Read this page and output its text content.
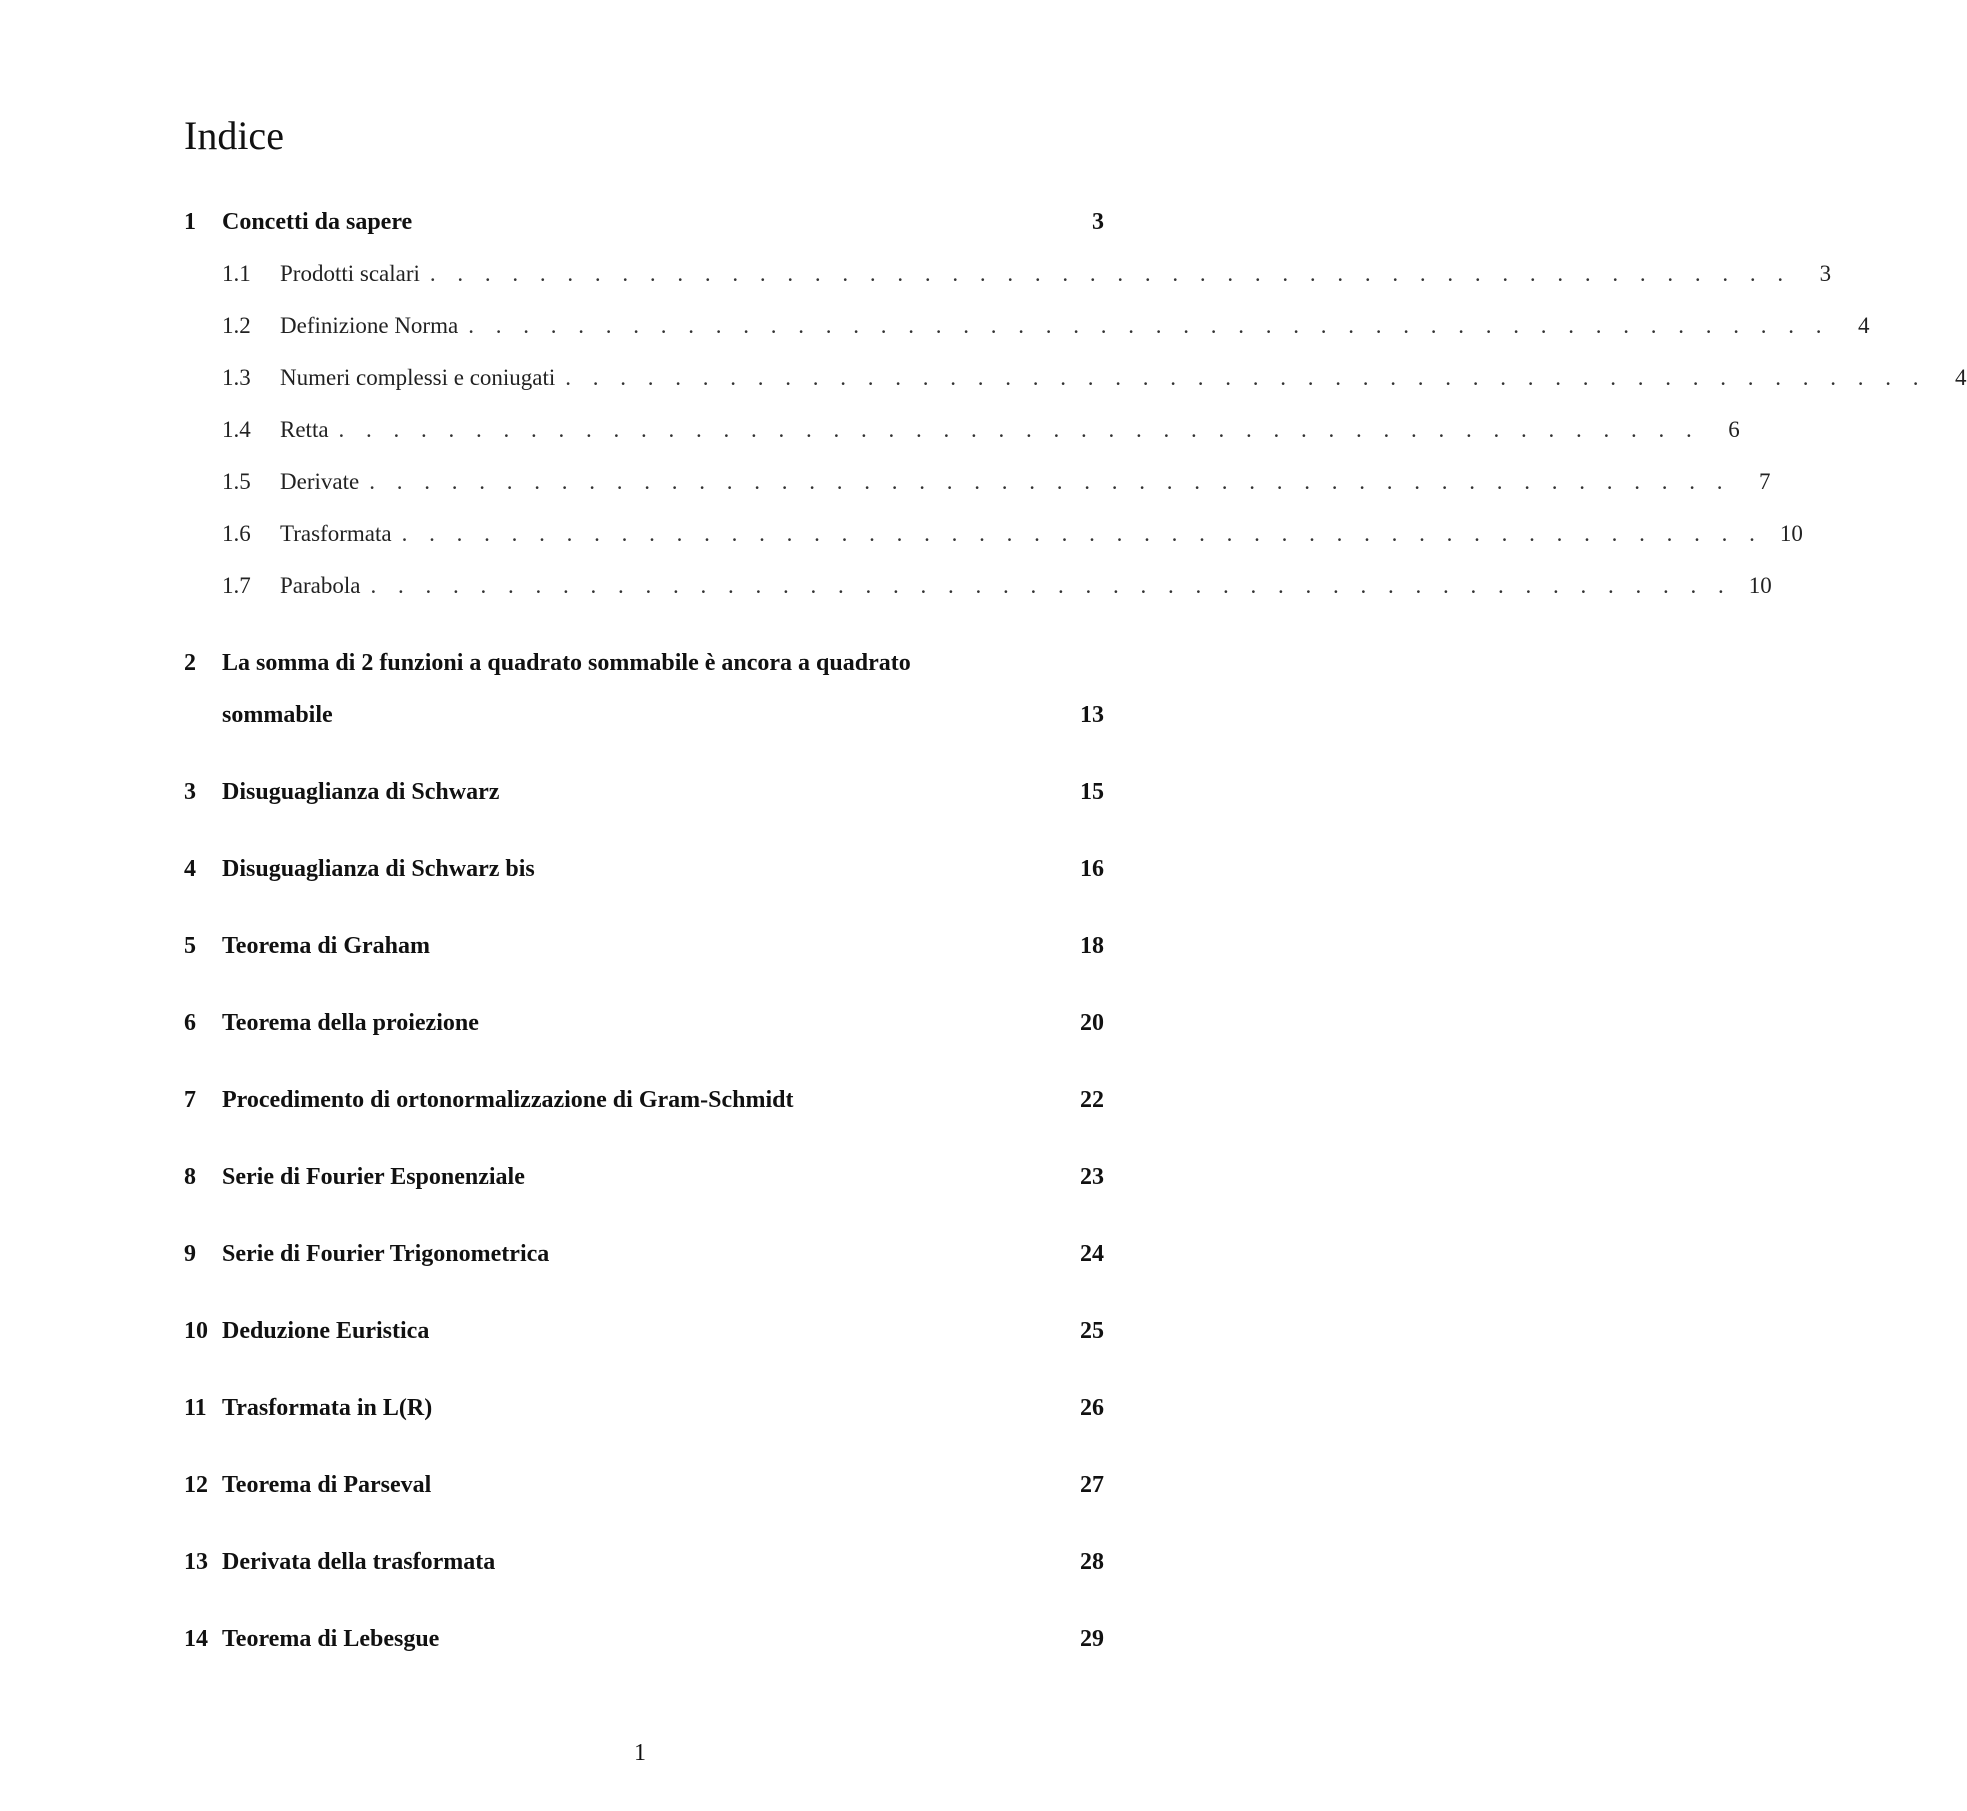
Indice
1	Concetti da sapere	3
1.1	Prodotti scalari . . . . . . . . . . . . . . . . . . . . . . . . . . . . . . . . . . . . . . . . . . . . . . . . . .	3
1.2	Definizione Norma . . . . . . . . . . . . . . . . . . . . . . . . . . . . . . . . . . . . . . . . . . . . . . . . . .	4
1.3	Numeri complessi e coniugati . . . . . . . . . . . . . . . . . . . . . . . . . . . . . . . . . . . . . . . . . . . . . . . . . .	4
1.4	Retta . . . . . . . . . . . . . . . . . . . . . . . . . . . . . . . . . . . . . . . . . . . . . . . . . .	6
1.5	Derivate . . . . . . . . . . . . . . . . . . . . . . . . . . . . . . . . . . . . . . . . . . . . . . . . . .	7
1.6	Trasformata . . . . . . . . . . . . . . . . . . . . . . . . . . . . . . . . . . . . . . . . . . . . . . . . . . 10
1.7	Parabola . . . . . . . . . . . . . . . . . . . . . . . . . . . . . . . . . . . . . . . . . . . . . . . . . . 10
2	La somma di 2 funzioni a quadrato sommabile è ancora a quadrato
sommabile	13
3	Disuguaglianza di Schwarz	15
4	Disuguaglianza di Schwarz bis	16
5	Teorema di Graham	18
6	Teorema della proiezione	20
7	Procedimento di ortonormalizzazione di Gram-Schmidt	22
8	Serie di Fourier Esponenziale	23
9	Serie di Fourier Trigonometrica	24
10 Deduzione Euristica	25
11 Trasformata in L(R)	26
12 Teorema di Parseval	27
13 Derivata della trasformata	28
14 Teorema di Lebesgue	29
1
